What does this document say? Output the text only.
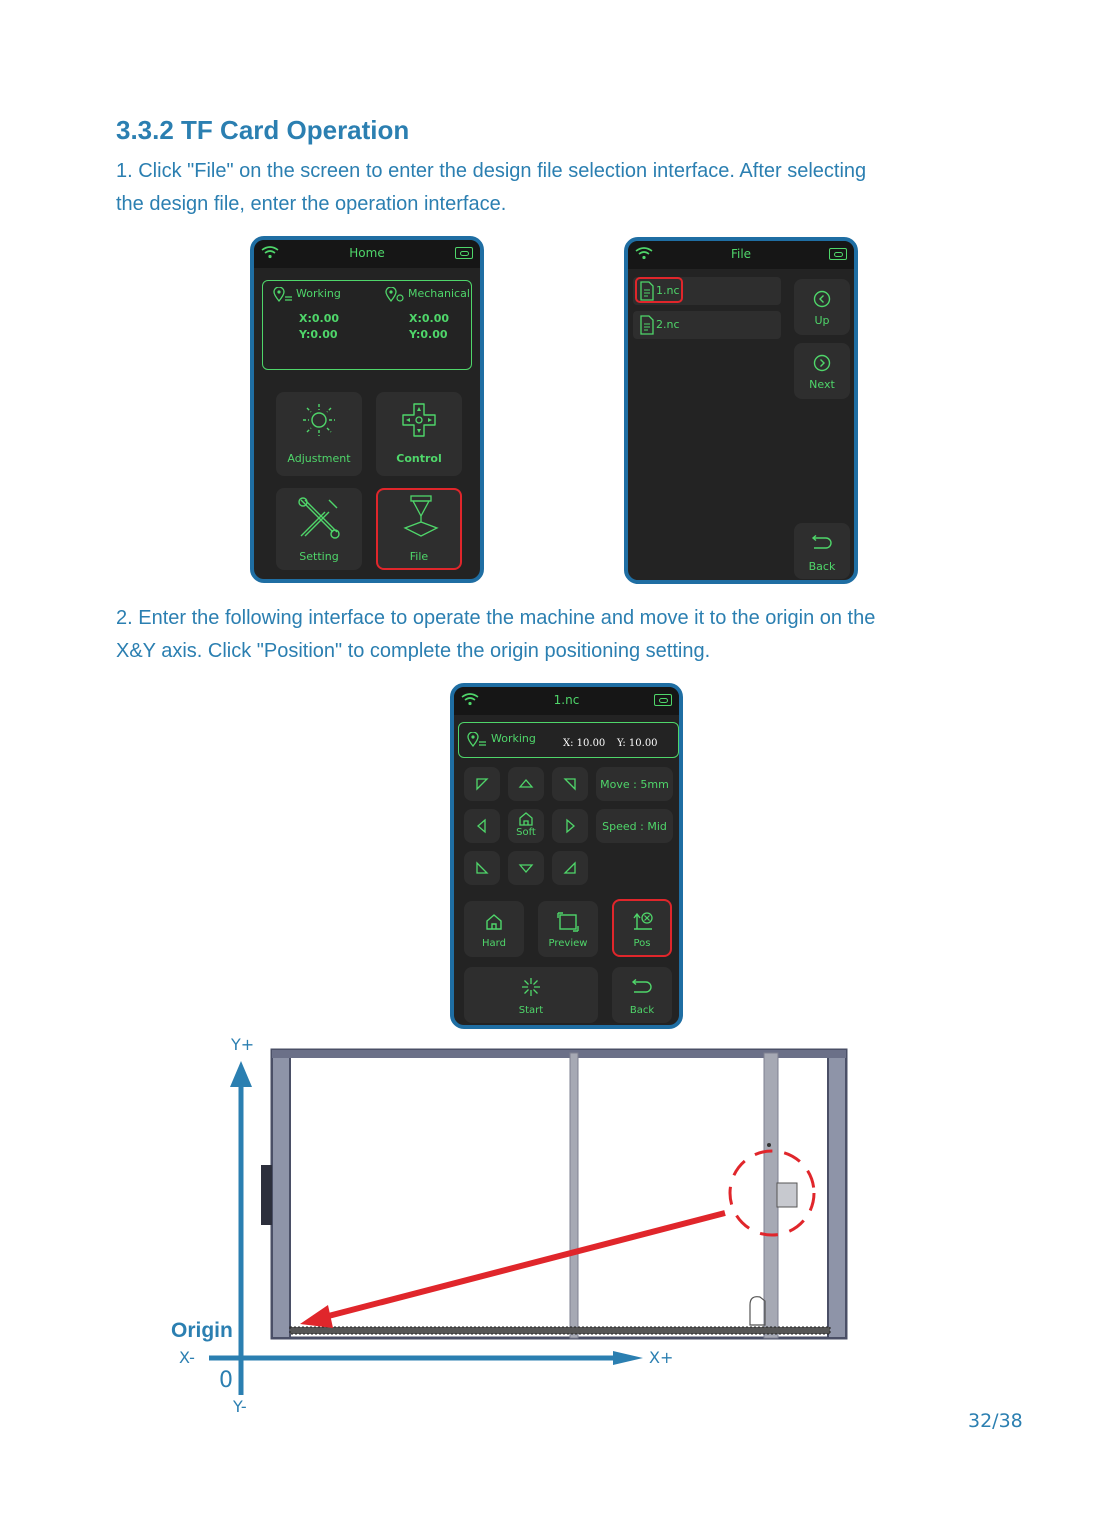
3.3.2 TF Card Operation

1. Click "File" on the screen to enter the design file selection interface. After selecting

the design file, enter the operation interface.

2. Enter the following interface to operate the machine and move it to the origin on the

X&Y axis. Click "Position" to complete the origin positioning setting.

32/38
Home
Working	Mechanical
X:0.00
Y:0.00
X:0.00
Y:0.00
Adjustment	Control
Setting	File
File
1.nc
2.nc	Up
Next
Back
1.nc
Working	X: 10.00 Y: 10.00
Move : 5mm
Soft	Speed : Mid
Hard	Preview	Pos
Start	Back
Y+
Y-
X+
X-
0
Origin
